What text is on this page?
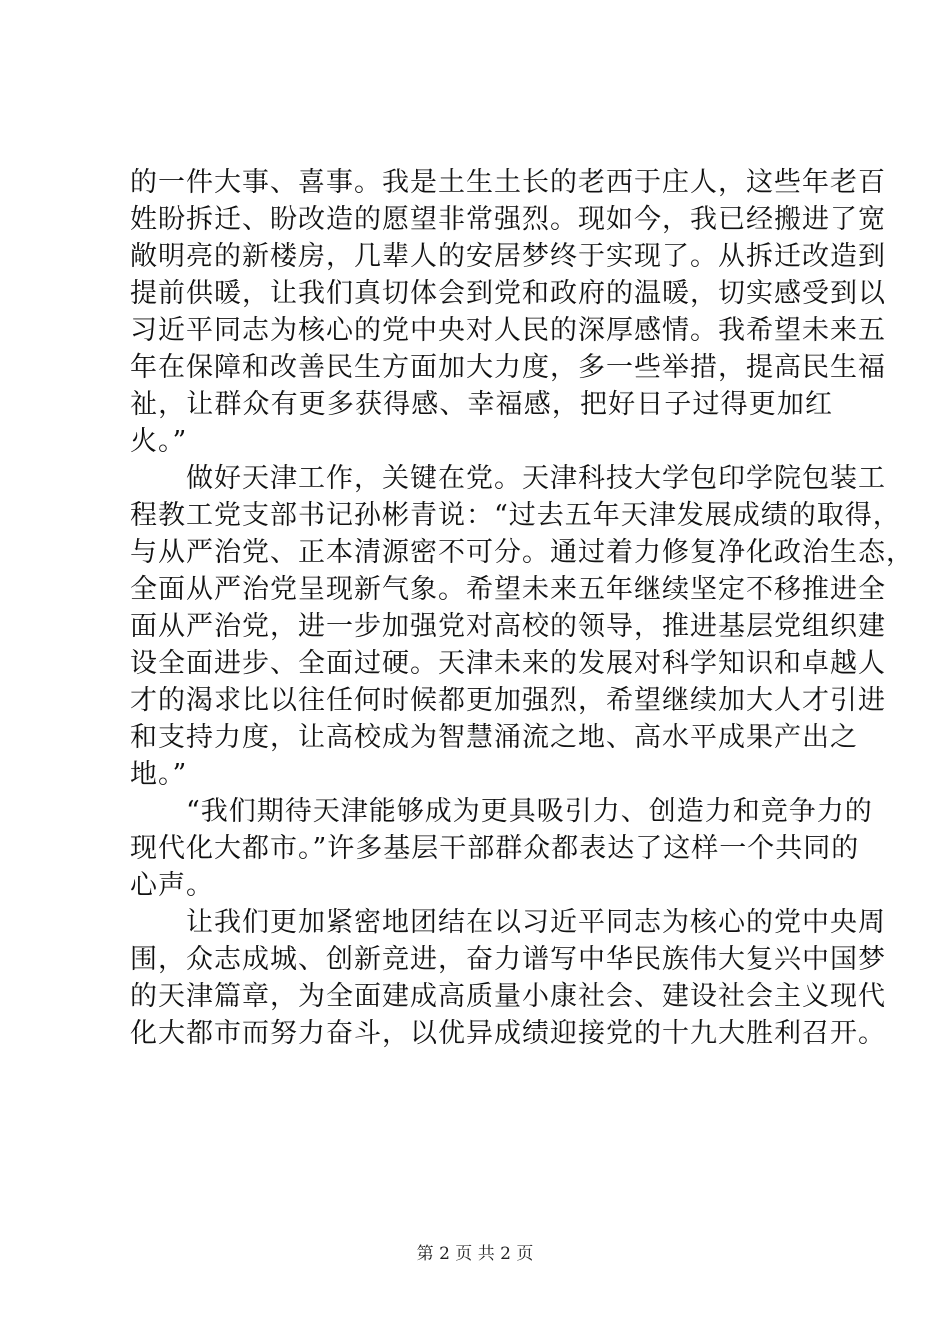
的一件大事、喜事。我是土生土长的老西于庄人，这些年老百
姓盼拆迁、盼改造的愿望非常强烈。现如今，我已经搬进了宽
敞明亮的新楼房，几辈人的安居梦终于实现了。从拆迁改造到
提前供暖，让我们真切体会到党和政府的温暖，切实感受到以
习近平同志为核心的党中央对人民的深厚感情。我希望未来五
年在保障和改善民生方面加大力度，多一些举措，提高民生福
祉，让群众有更多获得感、幸福感，把好日子过得更加红
火。”
　　做好天津工作，关键在党。天津科技大学包印学院包装工
程教工党支部书记孙彬青说：“过去五年天津发展成绩的取得，
与从严治党、正本清源密不可分。通过着力修复净化政治生态，
全面从严治党呈现新气象。希望未来五年继续坚定不移推进全
面从严治党，进一步加强党对高校的领导，推进基层党组织建
设全面进步、全面过硬。天津未来的发展对科学知识和卓越人
才的渴求比以往任何时候都更加强烈，希望继续加大人才引进
和支持力度，让高校成为智慧涌流之地、高水平成果产出之
地。”
　　“我们期待天津能够成为更具吸引力、创造力和竞争力的
现代化大都市。”许多基层干部群众都表达了这样一个共同的
心声。
　　让我们更加紧密地团结在以习近平同志为核心的党中央周
围，众志成城、创新竞进，奋力谱写中华民族伟大复兴中国梦
的天津篇章，为全面建成高质量小康社会、建设社会主义现代
化大都市而努力奋斗，以优异成绩迎接党的十九大胜利召开。
第 2 页 共 2 页
